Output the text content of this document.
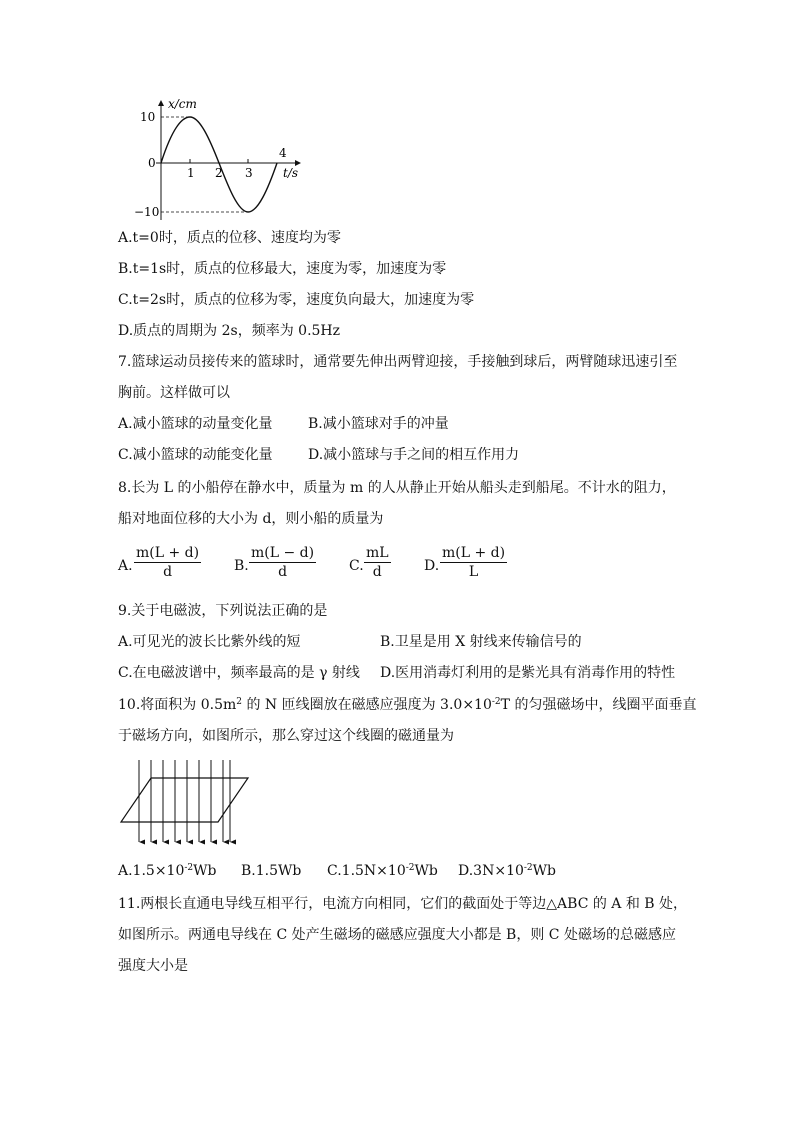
x/cm
t/s
10
0
−10
1 2 3
4
A.t=0时，质点的位移、速度均为零
B.t=1s时，质点的位移最大，速度为零，加速度为零
C.t=2s时，质点的位移为零，速度负向最大，加速度为零
D.质点的周期为 2s，频率为 0.5Hz
7.篮球运动员接传来的篮球时，通常要先伸出两臂迎接，手接触到球后，两臂随球迅速引至
胸前。这样做可以
A.减小篮球的动量变化量	B.减小篮球对手的冲量
C.减小篮球的动能变化量	D.减小篮球与手之间的相互作用力
8.长为 L 的小船停在静水中，质量为 m 的人从静止开始从船头走到船尾。不计水的阻力，
船对地面位移的大小为 d，则小船的质量为
A. $\frac{m(L + d)}{d} B$. $\frac{m(L - d)}{d} C$. $\frac{mL}{d} D$. $\frac{m(L + d)}{L}$
9.关于电磁波，下列说法正确的是
A.可见光的波长比紫外线的短	B.卫星是用 X 射线来传输信号的
C.在电磁波谱中，频率最高的是 γ 射线 D.医用消毒灯利用的是紫光具有消毒作用的特性
10.将面积为 $0.5m^2$ 的 N 匝线圈放在磁感应强度为 $3.0\times 10^{-2}T$ 的匀强磁场中，线圈平面垂直
于磁场方向，如图所示，那么穿过这个线圈的磁通量为
$A.1.5\times 10^{-2}Wb$ B.1.5Wb $C.1.5N\times 10^{-2}Wb$ $D.3N\times 10^{-2}Wb$
11.两根长直通电导线互相平行，电流方向相同，它们的截面处于等边△ABC 的 A 和 B 处，
如图所示。两通电导线在 C 处产生磁场的磁感应强度大小都是 B，则 C 处磁场的总磁感应
强度大小是
